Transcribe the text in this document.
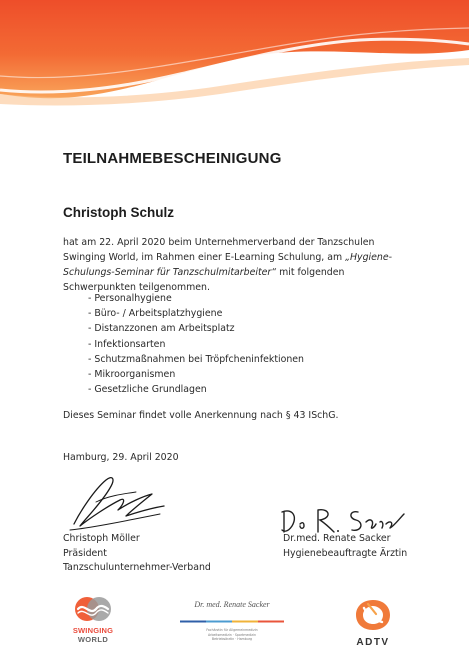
TEILNAHMEBESCHEINIGUNG
Christoph Schulz
hat am 22. April 2020 beim Unternehmerverband der Tanzschulen Swinging World, im Rahmen einer E-Learning Schulung, am „Hygiene-Schulungs-Seminar für Tanzschulmitarbeiter“ mit folgenden Schwerpunkten teilgenommen.
- Personalhygiene
- Büro- / Arbeitsplatzhygiene
- Distanzzonen am Arbeitsplatz
- Infektionsarten
- Schutzmaßnahmen bei Tröpfcheninfektionen
- Mikroorganismen
- Gesetzliche Grundlagen
Dieses Seminar findet volle Anerkennung nach § 43 ISchG.
Hamburg, 29. April 2020
Christoph Möller
Präsident
Tanzschulunternehmer-Verband
Dr.med. Renate Sacker
Hygienebeauftragte Ärztin
SWINGING
WORLD
Dr. med. Renate Sacker
Fachärztin für Allgemeinmedizin
Arbeitsmedizin · Sportmedizin
Betriebsärztin · Hamburg	ADTV
